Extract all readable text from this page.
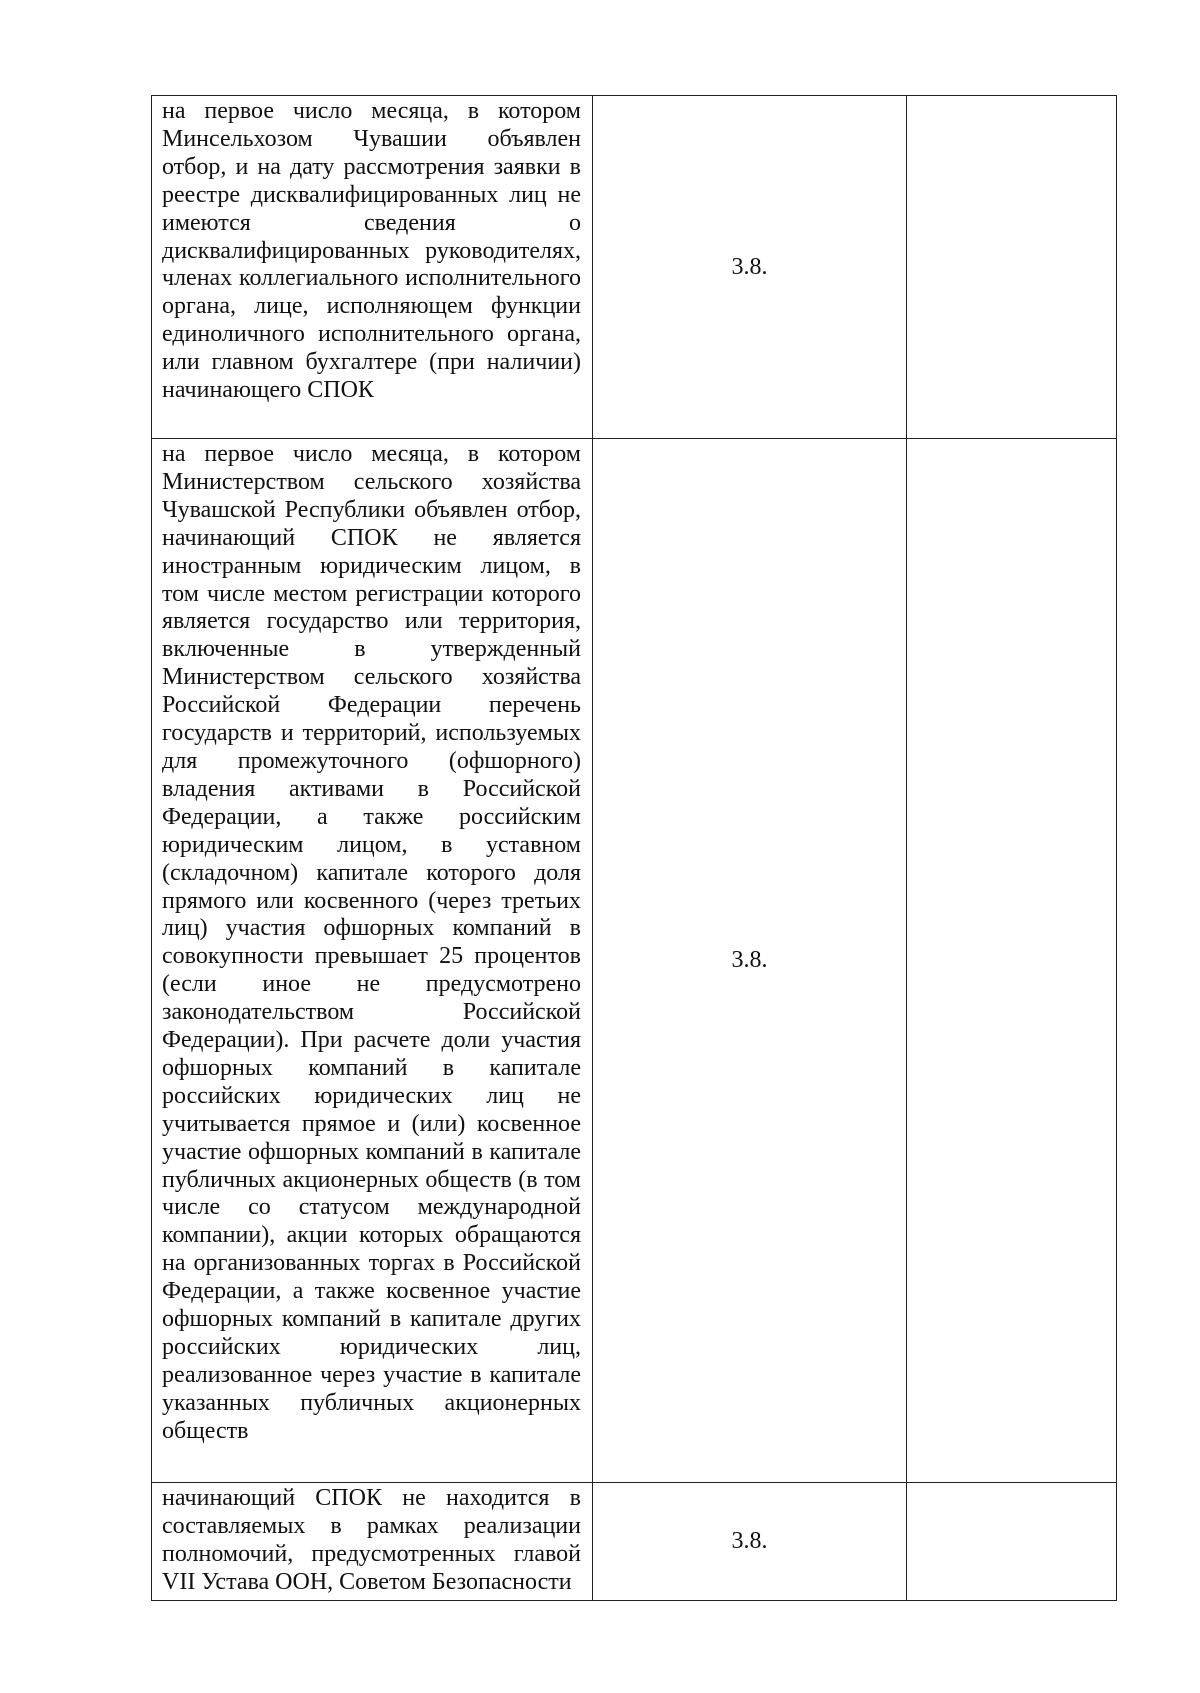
на первое число месяца, в котором Минсельхозом Чувашии объявлен отбор, и на дату рассмотрения заявки в реестре дисквалифицированных лиц не имеются сведения о дисквалифицированных руководителях, членах коллегиального исполнительного органа, лице, исполняющем функции единоличного исполнительного органа, или главном бухгалтере (при наличии) начинающего СПОК	3.8.	
на первое число месяца, в котором Министерством сельского хозяйства Чувашской Республики объявлен отбор, начинающий СПОК не является иностранным юридическим лицом, в том числе местом регистрации которого является государство или территория, включенные в утвержденный Министерством сельского хозяйства Российской Федерации перечень государств и территорий, используемых для промежуточного (офшорного) владения активами в Российской Федерации, а также российским юридическим лицом, в уставном (складочном) капитале которого доля прямого или косвенного (через третьих лиц) участия офшорных компаний в совокупности превышает 25 процентов (если иное не предусмотрено законодательством Российской Федерации). При расчете доли участия офшорных компаний в капитале российских юридических лиц не учитывается прямое и (или) косвенное участие офшорных компаний в капитале публичных акционерных обществ (в том числе со статусом международной компании), акции которых обращаются на организованных торгах в Российской Федерации, а также косвенное участие офшорных компаний в капитале других российских юридических лиц, реализованное через участие в капитале указанных публичных акционерных обществ	3.8.	
начинающий СПОК не находится в составляемых в рамках реализации полномочий, предусмотренных главой VII Устава ООН, Советом Безопасности	3.8.	
